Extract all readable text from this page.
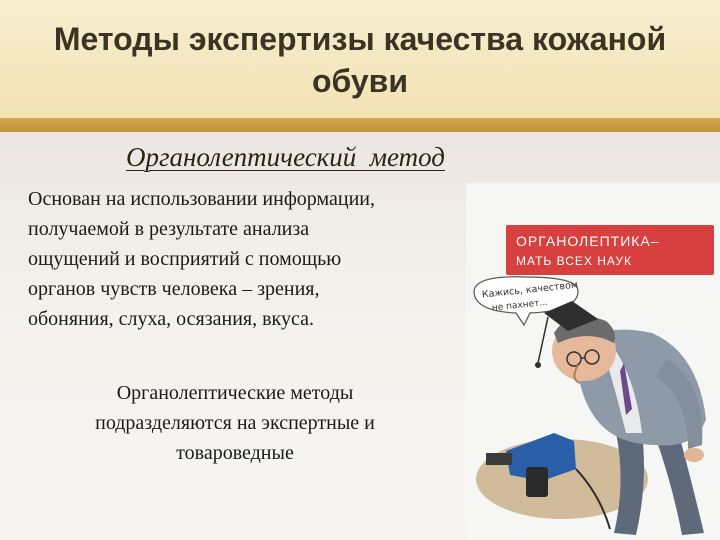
Методы экспертизы качества кожаной
обуви
Органолептический  метод
Основан на использовании информации,
получаемой в результате анализа
ощущений и восприятий с помощью
органов чувств человека – зрения,
обоняния, слуха, осязания, вкуса.
Органолептические методы
подразделяются на экспертные и
товароведные
ОРГАНОЛЕПТИКА–
МАТЬ ВСЕХ НАУК
Кажись, качеством
не пахнет...
